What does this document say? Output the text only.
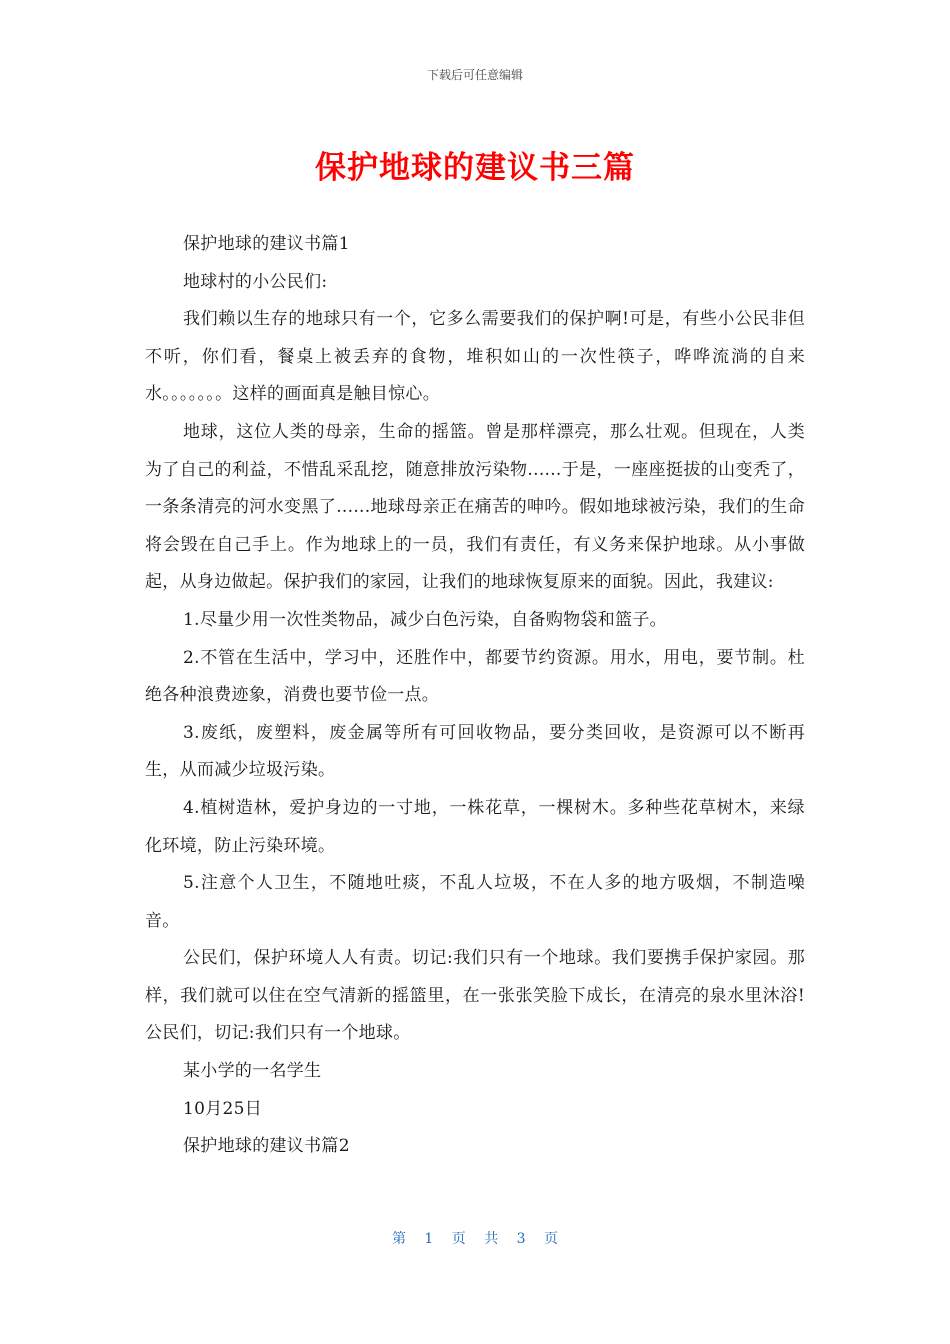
下载后可任意编辑
保护地球的建议书三篇

保护地球的建议书篇1

地球村的小公民们:

我们赖以生存的地球只有一个，它多么需要我们的保护啊!可是，有些小公民非但不听，你们看，餐桌上被丢弃的食物，堆积如山的一次性筷子，哗哗流淌的自来水。。。。。。。这样的画面真是触目惊心。

地球，这位人类的母亲，生命的摇篮。曾是那样漂亮，那么壮观。但现在，人类为了自己的利益，不惜乱采乱挖，随意排放污染物......于是，一座座挺拔的山变秃了，一条条清亮的河水变黑了......地球母亲正在痛苦的呻吟。假如地球被污染，我们的生命将会毁在自己手上。作为地球上的一员，我们有责任，有义务来保护地球。从小事做起，从身边做起。保护我们的家园，让我们的地球恢复原来的面貌。因此，我建议:

1.尽量少用一次性类物品，减少白色污染，自备购物袋和篮子。

2.不管在生活中，学习中，还胜作中，都要节约资源。用水，用电，要节制。杜绝各种浪费迹象，消费也要节俭一点。

3.废纸，废塑料，废金属等所有可回收物品，要分类回收，是资源可以不断再生，从而减少垃圾污染。

4.植树造林，爱护身边的一寸地，一株花草，一棵树木。多种些花草树木，来绿化环境，防止污染环境。

5.注意个人卫生，不随地吐痰，不乱人垃圾，不在人多的地方吸烟，不制造噪音。

公民们，保护环境人人有责。切记:我们只有一个地球。我们要携手保护家园。那样，我们就可以住在空气清新的摇篮里，在一张张笑脸下成长，在清亮的泉水里沐浴!公民们，切记:我们只有一个地球。

某小学的一名学生

10月25日

保护地球的建议书篇2

第 1 页 共 3 页
